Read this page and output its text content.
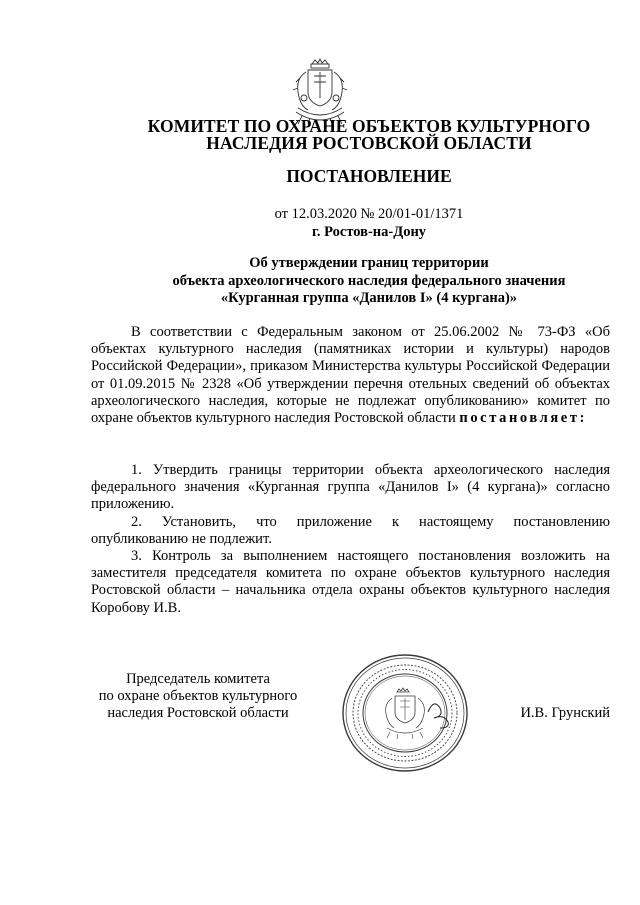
КОМИТЕТ ПО ОХРАНЕ ОБЪЕКТОВ КУЛЬТУРНОГО
НАСЛЕДИЯ РОСТОВСКОЙ ОБЛАСТИ
ПОСТАНОВЛЕНИЕ
от 12.03.2020 № 20/01-01/1371
г. Ростов-на-Дону
Об утверждении границ территории
объекта археологического наследия федерального значения
«Курганная группа «Данилов I» (4 кургана)»

В соответствии с Федеральным законом от 25.06.2002 № 73-ФЗ «Об объектах культурного наследия (памятниках истории и культуры) народов Российской Федерации», приказом Министерства культуры Российской Федерации от 01.09.2015 № 2328 «Об утверждении перечня отельных сведений об объектах археологического наследия, которые не подлежат опубликованию» комитет по охране объектов культурного наследия Ростовской области постановляет:

1. Утвердить границы территории объекта археологического наследия федерального значения «Курганная группа «Данилов I» (4 кургана)» согласно приложению.

2. Установить, что приложение к настоящему постановлению опубликованию не подлежит.

3. Контроль за выполнением настоящего постановления возложить на заместителя председателя комитета по охране объектов культурного наследия Ростовской области – начальника отдела охраны объектов культурного наследия Коробову И.В.

Председатель комитета
по охране объектов культурного
наследия Ростовской области	И.В. Грунский
